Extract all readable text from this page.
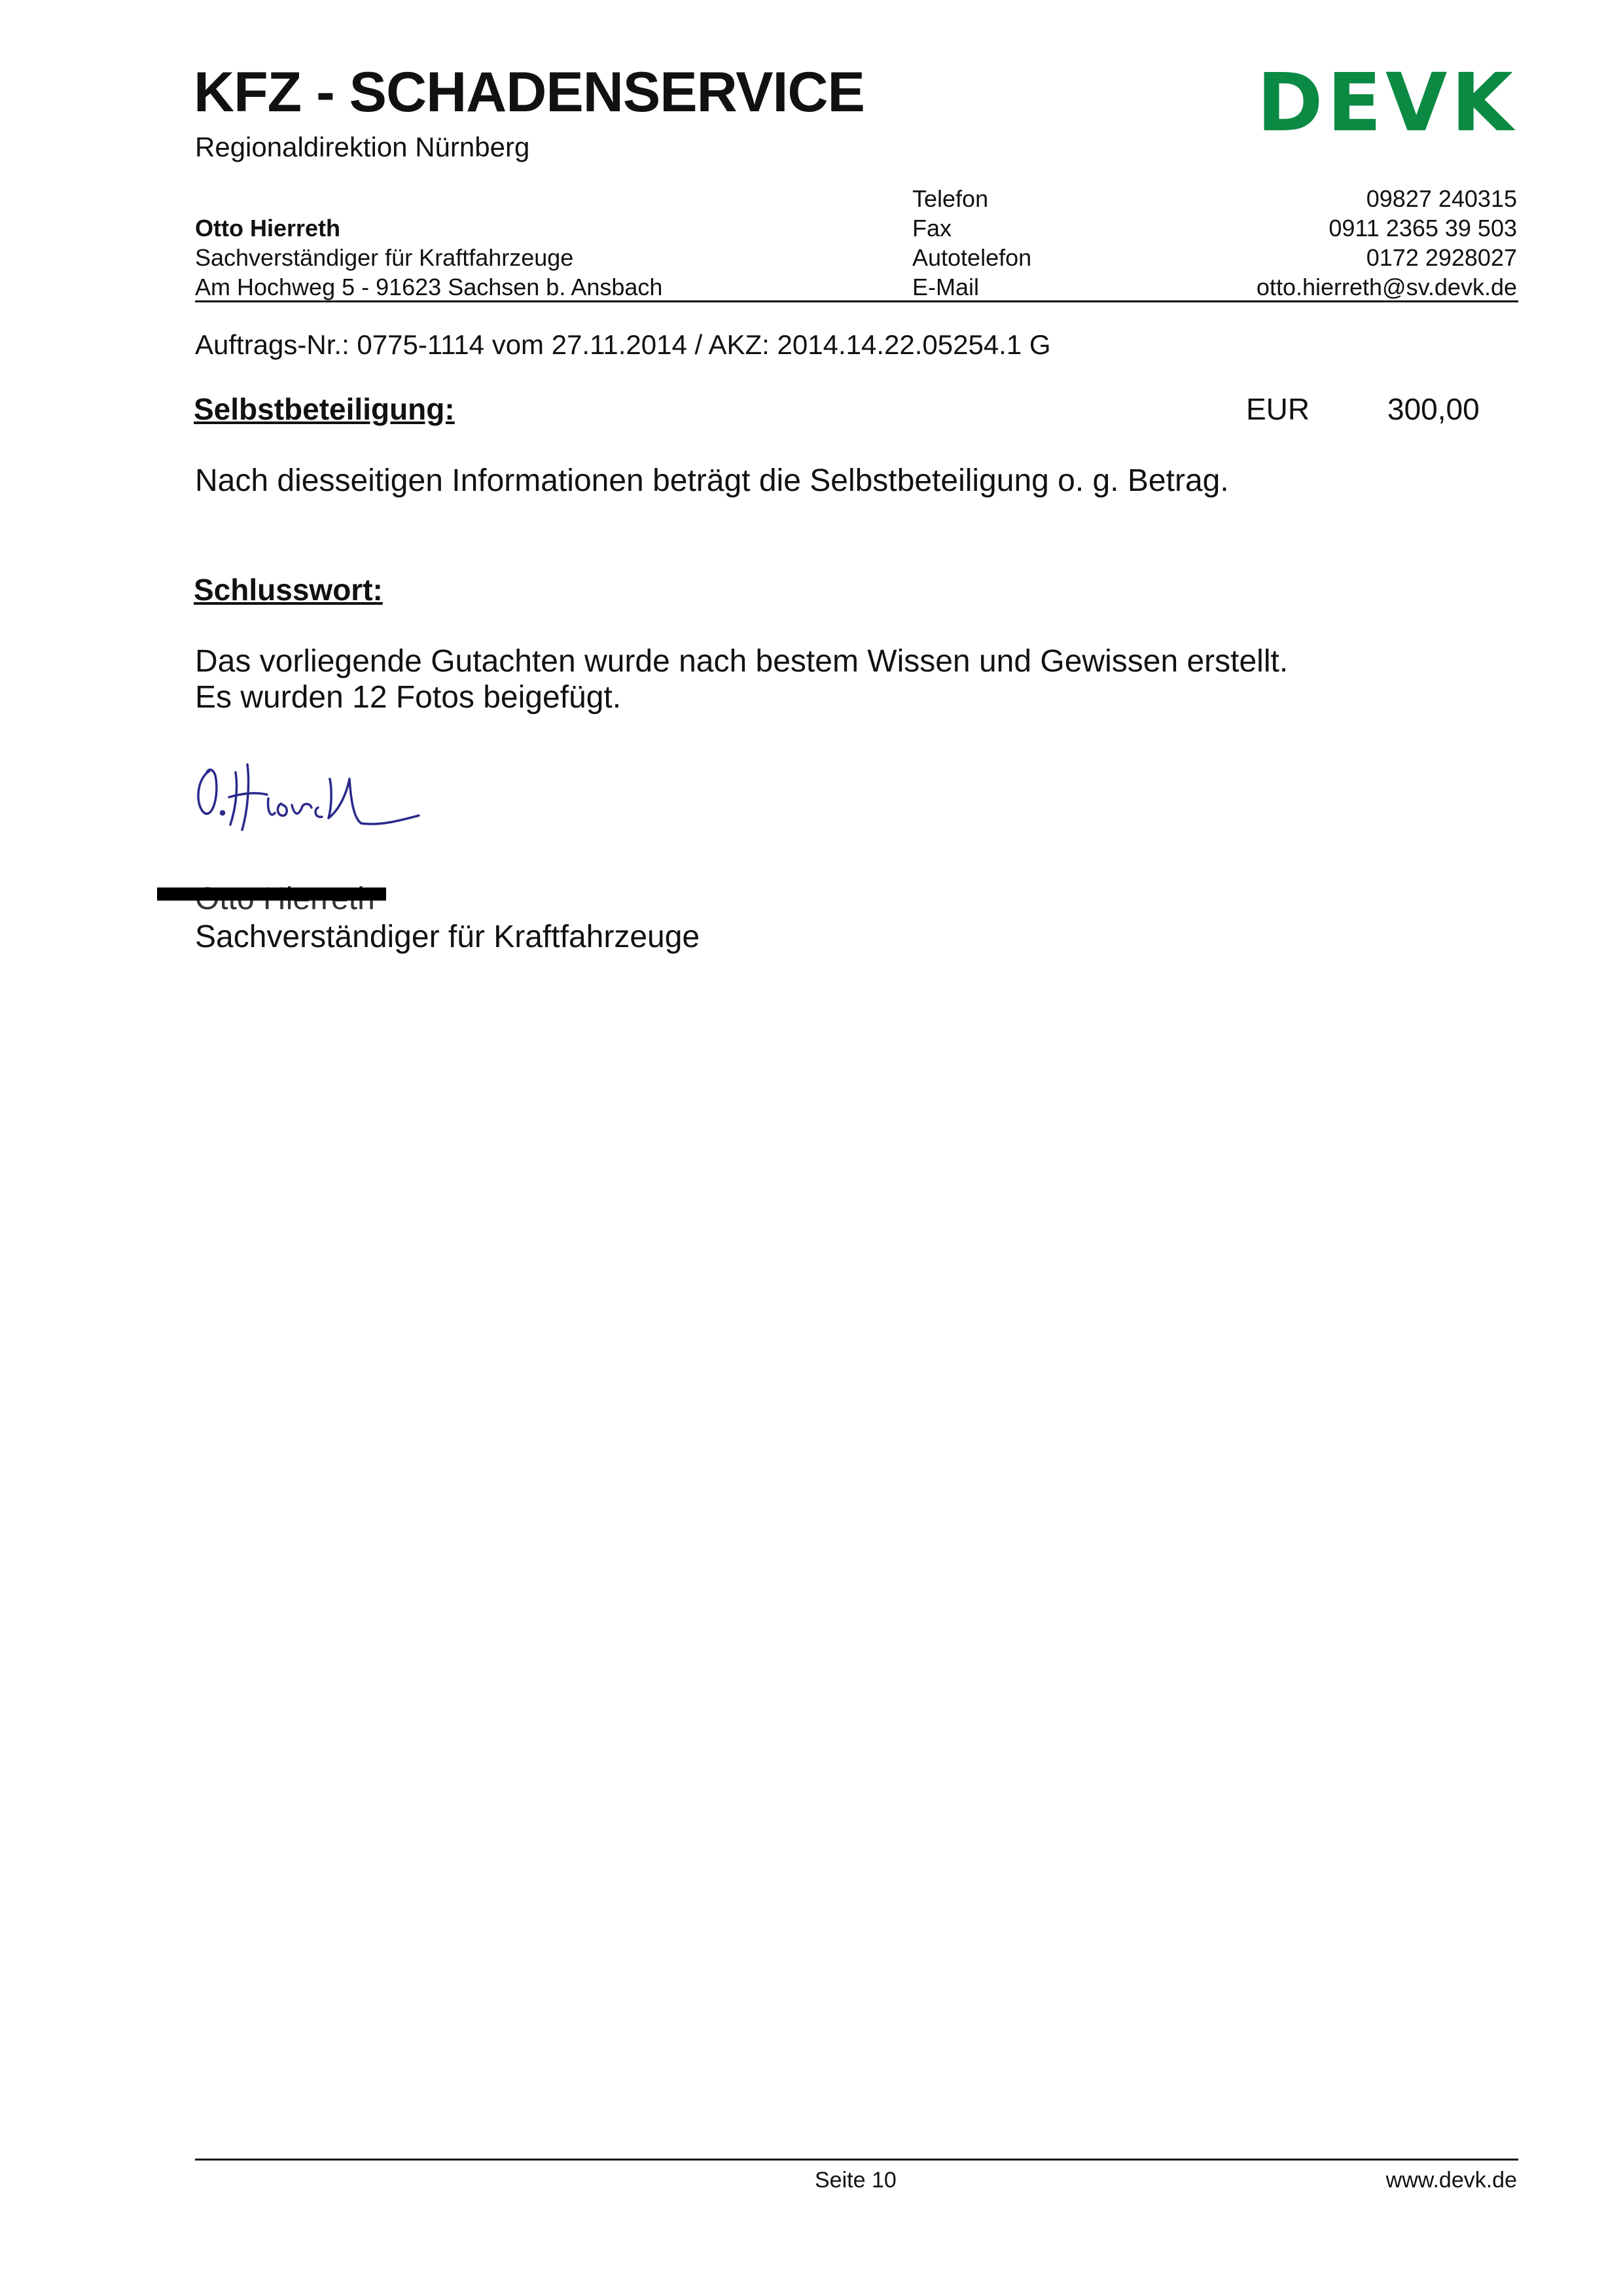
KFZ - SCHADENSERVICE
Regionaldirektion Nürnberg	DEVK
Telefon	09827 240315
Otto Hierreth	Fax	0911 2365 39 503
Sachverständiger für Kraftfahrzeuge	Autotelefon	0172 2928027
Am Hochweg 5 - 91623 Sachsen b. Ansbach	E-Mail	otto.hierreth@sv.devk.de
Auftrags-Nr.: 0775-1114 vom 27.11.2014 / AKZ: 2014.14.22.05254.1 G
Selbstbeteiligung:	EUR	300,00
Nach diesseitigen Informationen beträgt die Selbstbeteiligung o. g. Betrag.
Schlusswort:
Das vorliegende Gutachten wurde nach bestem Wissen und Gewissen erstellt.
Es wurden 12 Fotos beigefügt.
Sachverständiger für Kraftfahrzeuge
Seite 10	www.devk.de
